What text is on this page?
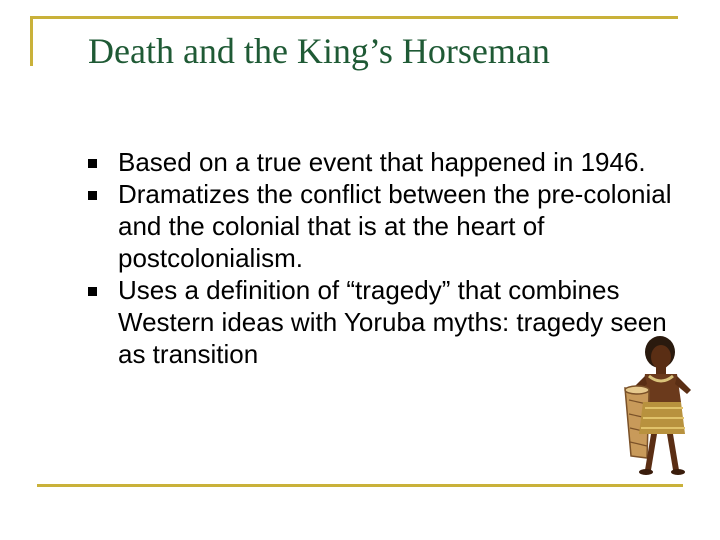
Death and the King’s Horseman
Based on a true event that happened in 1946.
Dramatizes the conflict between the pre-colonial and the colonial that is at the heart of postcolonialism.
Uses a definition of “tragedy” that combines Western ideas with Yoruba myths: tragedy seen as transition
